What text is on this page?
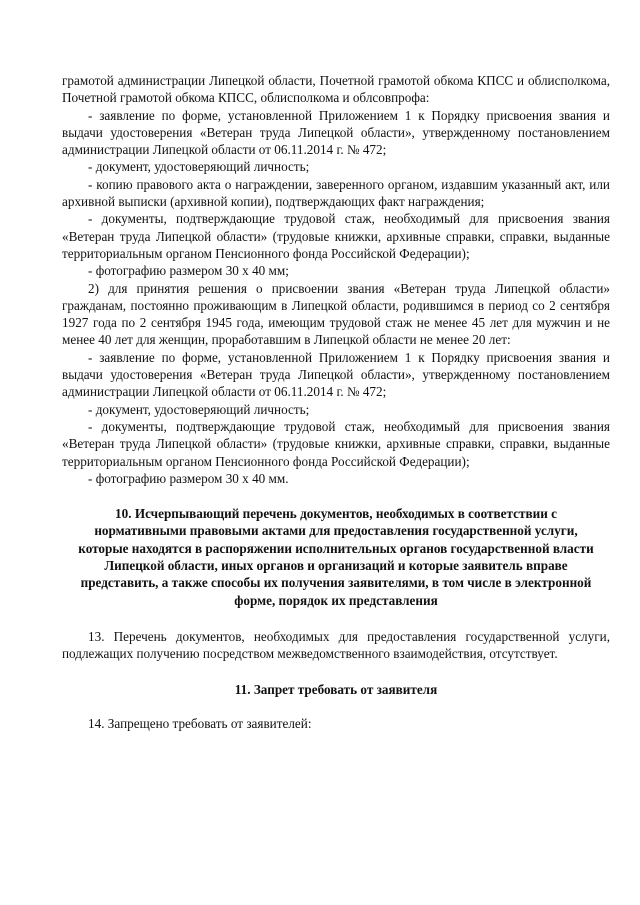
грамотой администрации Липецкой области, Почетной грамотой обкома КПСС и облисполкома, Почетной грамотой обкома КПСС, облисполкома и облсовпрофа:

- заявление по форме, установленной Приложением 1 к Порядку присвоения звания и выдачи удостоверения «Ветеран труда Липецкой области», утвержденному постановлением администрации Липецкой области от 06.11.2014 г. № 472;

- документ, удостоверяющий личность;

- копию правового акта о награждении, заверенного органом, издавшим указанный акт, или архивной выписки (архивной копии), подтверждающих факт награждения;

- документы, подтверждающие трудовой стаж, необходимый для присвоения звания «Ветеран труда Липецкой области» (трудовые книжки, архивные справки, справки, выданные территориальным органом Пенсионного фонда Российской Федерации);

- фотографию размером 30 х 40 мм;

2) для принятия решения о присвоении звания «Ветеран труда Липецкой области» гражданам, постоянно проживающим в Липецкой области, родившимся в период со 2 сентября 1927 года по 2 сентября 1945 года, имеющим трудовой стаж не менее 45 лет для мужчин и не менее 40 лет для женщин, проработавшим в Липецкой области не менее 20 лет:

- заявление по форме, установленной Приложением 1 к Порядку присвоения звания и выдачи удостоверения «Ветеран труда Липецкой области», утвержденному постановлением администрации Липецкой области от 06.11.2014 г. № 472;

- документ, удостоверяющий личность;

- документы, подтверждающие трудовой стаж, необходимый для присвоения звания «Ветеран труда Липецкой области» (трудовые книжки, архивные справки, справки, выданные территориальным органом Пенсионного фонда Российской Федерации);

- фотографию размером 30 х 40 мм.

10. Исчерпывающий перечень документов, необходимых в соответствии с нормативными правовыми актами для предоставления государственной услуги, которые находятся в распоряжении исполнительных органов государственной власти Липецкой области, иных органов и организаций и которые заявитель вправе представить, а также способы их получения заявителями, в том числе в электронной форме, порядок их представления

13. Перечень документов, необходимых для предоставления государственной услуги, подлежащих получению посредством межведомственного взаимодействия, отсутствует.

11. Запрет требовать от заявителя

14. Запрещено требовать от заявителей:
